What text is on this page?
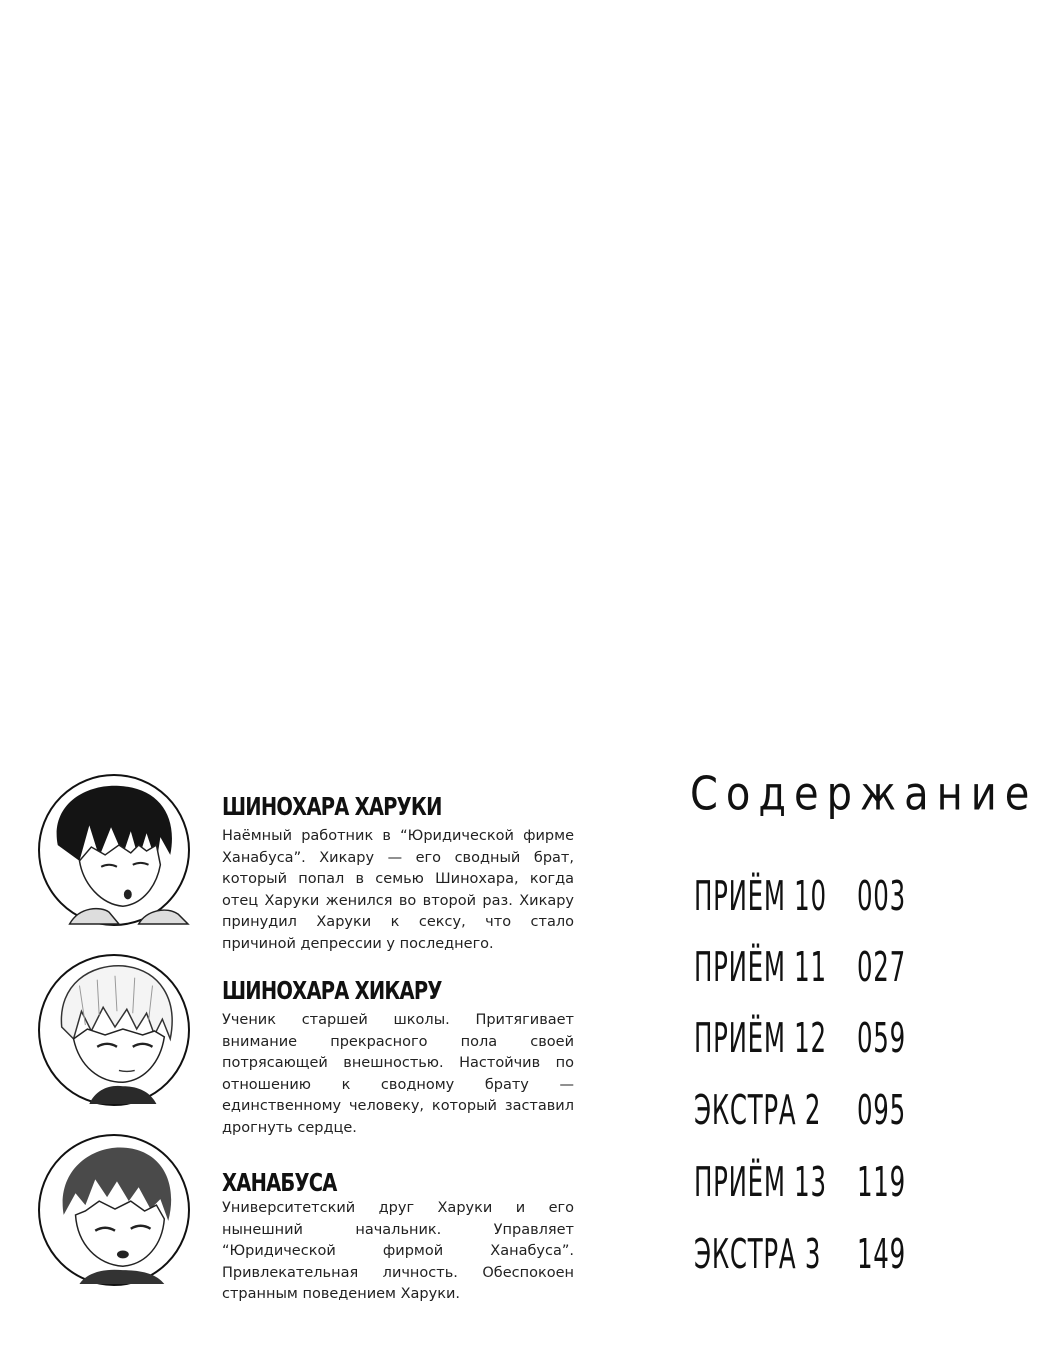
ШИНОХАРА ХАРУКИ
Наёмный работник в “Юридической фирме Ханабуса”. Хикару — его сводный брат, который попал в семью Шинохара, когда отец Харуки женился во второй раз. Хикару принудил Харуки к сексу, что стало причиной депрессии у последнего.
ШИНОХАРА ХИКАРУ
Ученик старшей школы. Притягивает внимание прекрасного пола своей потрясающей внешностью. Настойчив по отношению к сводному брату — единственному человеку, который заставил дрогнуть сердце.
ХАНАБУСА
Университетский друг Харуки и его нынешний начальник. Управляет “Юридической фирмой Ханабуса”. Привлекательная личность. Обеспокоен странным поведением Харуки.
Содержание
ПРИЁМ 10 003
ПРИЁМ 11 027
ПРИЁМ 12 059
ЭКСТРА 2 095
ПРИЁМ 13 119
ЭКСТРА 3 149
